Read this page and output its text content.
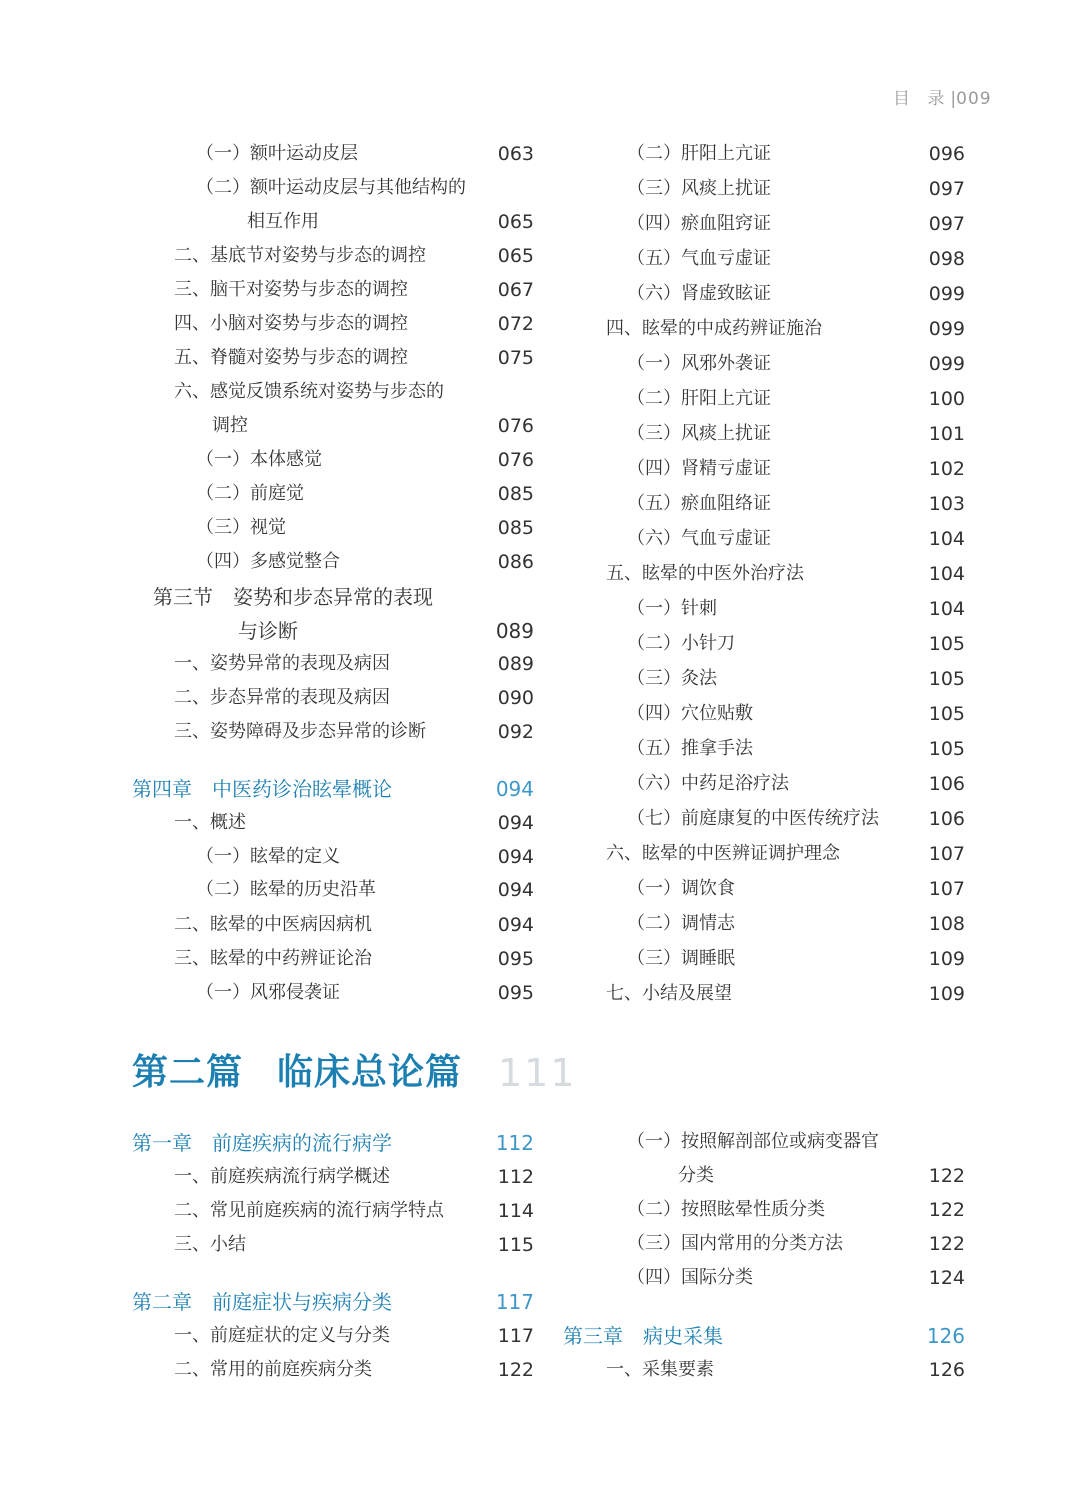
目 录|009
（一）额叶运动皮层	063
（二）额叶运动皮层与其他结构的
相互作用	065
二、基底节对姿势与步态的调控	065
三、脑干对姿势与步态的调控	067
四、小脑对姿势与步态的调控	072
五、脊髓对姿势与步态的调控	075
六、感觉反馈系统对姿势与步态的
调控	076
（一）本体感觉	076
（二）前庭觉	085
（三）视觉	085
（四）多感觉整合	086
第三节　姿势和步态异常的表现
与诊断	089
一、姿势异常的表现及病因	089
二、步态异常的表现及病因	090
三、姿势障碍及步态异常的诊断	092
第四章　中医药诊治眩晕概论	094
一、概述	094
（一）眩晕的定义	094
（二）眩晕的历史沿革	094
二、眩晕的中医病因病机	094
三、眩晕的中药辨证论治	095
（一）风邪侵袭证	095
（二）肝阳上亢证	096
（三）风痰上扰证	097
（四）瘀血阻窍证	097
（五）气血亏虚证	098
（六）肾虚致眩证	099
四、眩晕的中成药辨证施治	099
（一）风邪外袭证	099
（二）肝阳上亢证	100
（三）风痰上扰证	101
（四）肾精亏虚证	102
（五）瘀血阻络证	103
（六）气血亏虚证	104
五、眩晕的中医外治疗法	104
（一）针刺	104
（二）小针刀	105
（三）灸法	105
（四）穴位贴敷	105
（五）推拿手法	105
（六）中药足浴疗法	106
（七）前庭康复的中医传统疗法	106
六、眩晕的中医辨证调护理念	107
（一）调饮食	107
（二）调情志	108
（三）调睡眠	109
七、小结及展望	109
第一章　前庭疾病的流行病学	112
一、前庭疾病流行病学概述	112
二、常见前庭疾病的流行病学特点	114
三、小结	115
第二章　前庭症状与疾病分类	117
一、前庭症状的定义与分类	117
二、常用的前庭疾病分类	122
（一）按照解剖部位或病变器官
分类	122
（二）按照眩晕性质分类	122
（三）国内常用的分类方法	122
（四）国际分类	124
第三章　病史采集	126
一、采集要素	126
第二篇 临床总论篇 111
